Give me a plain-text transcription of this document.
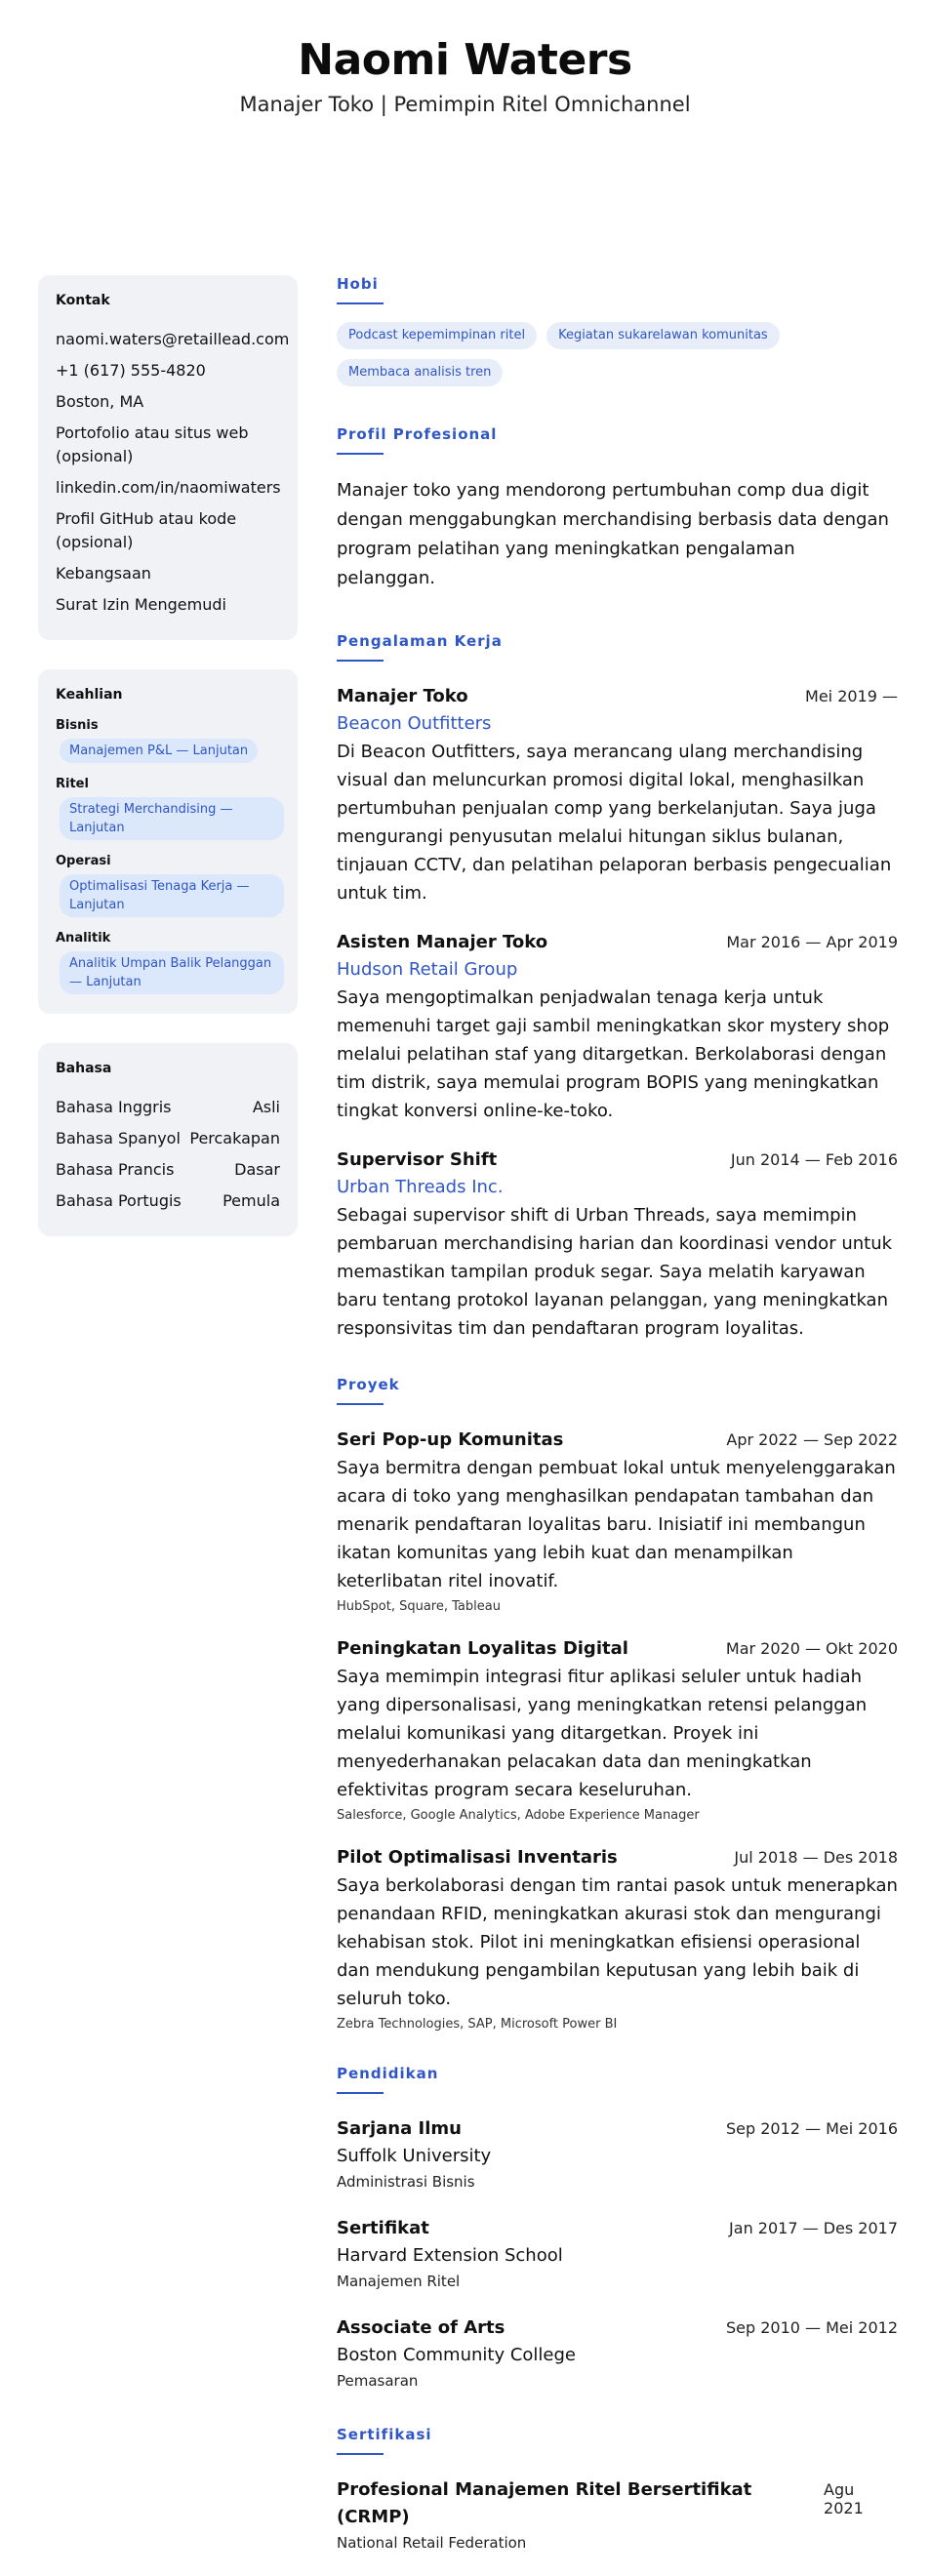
Naomi Waters
Manajer Toko | Pemimpin Ritel Omnichannel
Kontak
naomi.waters@retaillead.com
+1 (617) 555-4820
Boston, MA
Portofolio atau situs web (opsional)
linkedin.com/in/naomiwaters
Profil GitHub atau kode (opsional)
Kebangsaan
Surat Izin Mengemudi
Keahlian
Bisnis
Manajemen P&L — Lanjutan
Ritel
Strategi Merchandising — Lanjutan
Operasi
Optimalisasi Tenaga Kerja — Lanjutan
Analitik
Analitik Umpan Balik Pelanggan — Lanjutan
Bahasa
Bahasa Inggris	Asli
Bahasa Spanyol Percakapan
Bahasa Prancis	Dasar
Bahasa Portugis	Pemula
Hobi
Podcast kepemimpinan ritel	Kegiatan sukarelawan komunitas
Membaca analisis tren
Profil Profesional
Manajer toko yang mendorong pertumbuhan comp dua digit dengan menggabungkan merchandising berbasis data dengan program pelatihan yang meningkatkan pengalaman pelanggan.
Pengalaman Kerja
Manajer Toko	Mei 2019 —
Beacon Outfitters
Di Beacon Outfitters, saya merancang ulang merchandising visual dan meluncurkan promosi digital lokal, menghasilkan pertumbuhan penjualan comp yang berkelanjutan. Saya juga mengurangi penyusutan melalui hitungan siklus bulanan, tinjauan CCTV, dan pelatihan pelaporan berbasis pengecualian untuk tim.
Asisten Manajer Toko	Mar 2016 — Apr 2019
Hudson Retail Group
Saya mengoptimalkan penjadwalan tenaga kerja untuk memenuhi target gaji sambil meningkatkan skor mystery shop melalui pelatihan staf yang ditargetkan. Berkolaborasi dengan tim distrik, saya memulai program BOPIS yang meningkatkan tingkat konversi online-ke-toko.
Supervisor Shift	Jun 2014 — Feb 2016
Urban Threads Inc.
Sebagai supervisor shift di Urban Threads, saya memimpin pembaruan merchandising harian dan koordinasi vendor untuk memastikan tampilan produk segar. Saya melatih karyawan baru tentang protokol layanan pelanggan, yang meningkatkan responsivitas tim dan pendaftaran program loyalitas.
Proyek
Seri Pop-up Komunitas	Apr 2022 — Sep 2022
Saya bermitra dengan pembuat lokal untuk menyelenggarakan acara di toko yang menghasilkan pendapatan tambahan dan menarik pendaftaran loyalitas baru. Inisiatif ini membangun ikatan komunitas yang lebih kuat dan menampilkan keterlibatan ritel inovatif.
HubSpot, Square, Tableau
Peningkatan Loyalitas Digital	Mar 2020 — Okt 2020
Saya memimpin integrasi fitur aplikasi seluler untuk hadiah yang dipersonalisasi, yang meningkatkan retensi pelanggan melalui komunikasi yang ditargetkan. Proyek ini menyederhanakan pelacakan data dan meningkatkan efektivitas program secara keseluruhan.
Salesforce, Google Analytics, Adobe Experience Manager
Pilot Optimalisasi Inventaris	Jul 2018 — Des 2018
Saya berkolaborasi dengan tim rantai pasok untuk menerapkan penandaan RFID, meningkatkan akurasi stok dan mengurangi kehabisan stok. Pilot ini meningkatkan efisiensi operasional dan mendukung pengambilan keputusan yang lebih baik di seluruh toko.
Zebra Technologies, SAP, Microsoft Power BI
Pendidikan
Sarjana Ilmu	Sep 2012 — Mei 2016
Suffolk University
Administrasi Bisnis
Sertifikat	Jan 2017 — Des 2017
Harvard Extension School
Manajemen Ritel
Associate of Arts	Sep 2010 — Mei 2012
Boston Community College
Pemasaran
Sertifikasi
Profesional Manajemen Ritel Bersertifikat (CRMP)
Agu 2021
National Retail Federation
